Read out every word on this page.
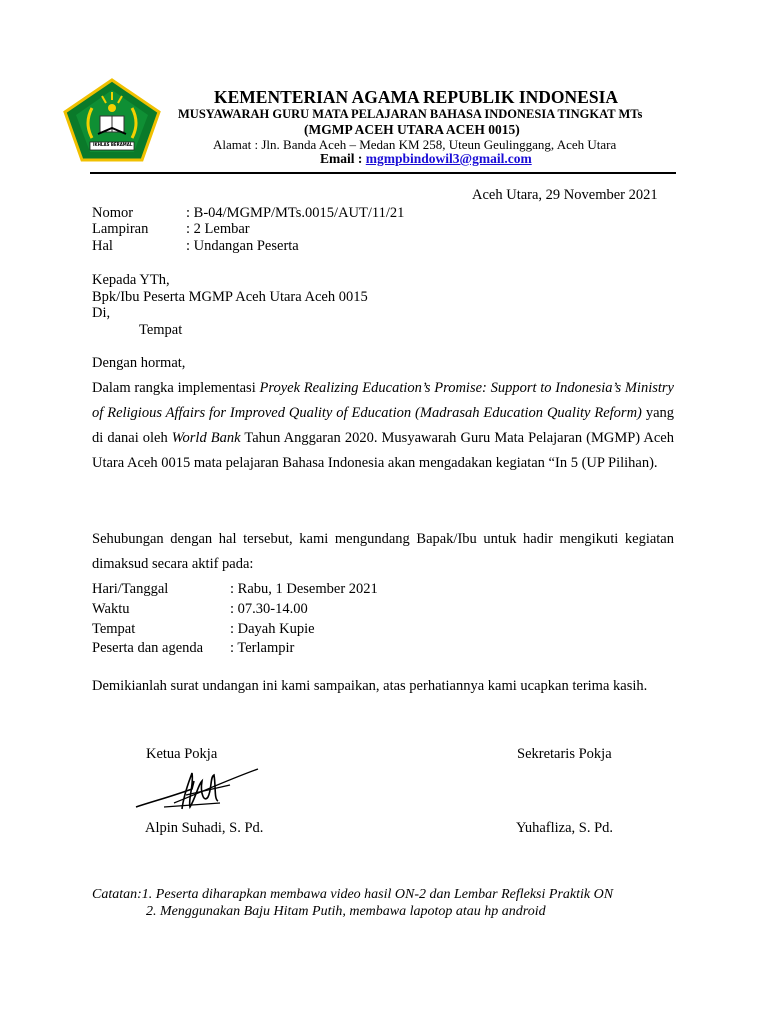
IKHLAS BERAMAL
KEMENTERIAN AGAMA REPUBLIK INDONESIA
MUSYAWARAH GURU MATA PELAJARAN BAHASA INDONESIA TINGKAT MTs
(MGMP ACEH UTARA ACEH 0015)
Alamat : Jln. Banda Aceh – Medan KM 258, Uteun Geulinggang, Aceh Utara
Email : mgmpbindowil3@gmail.com
Aceh Utara, 29 November 2021
Nomor	: B-04/MGMP/MTs.0015/AUT/11/21
Lampiran	: 2 Lembar
Hal	: Undangan Peserta
Kepada YTh,
Bpk/Ibu Peserta MGMP Aceh Utara Aceh 0015
Di,
Tempat
Dengan hormat,
Dalam rangka implementasi Proyek Realizing Education’s Promise: Support to Indonesia’s Ministry of Religious Affairs for Improved Quality of Education (Madrasah Education Quality Reform) yang di danai oleh World Bank Tahun Anggaran 2020. Musyawarah Guru Mata Pelajaran (MGMP) Aceh Utara Aceh 0015 mata pelajaran Bahasa Indonesia akan mengadakan kegiatan “In 5 (UP Pilihan).
Sehubungan dengan hal tersebut, kami mengundang Bapak/Ibu untuk hadir mengikuti kegiatan dimaksud secara aktif pada:
Hari/Tanggal	: Rabu, 1 Desember 2021
Waktu	: 07.30-14.00
Tempat	: Dayah Kupie
Peserta dan agenda : Terlampir
Demikianlah surat undangan ini kami sampaikan, atas perhatiannya kami ucapkan terima kasih.
Ketua Pokja	Sekretaris Pokja
Alpin Suhadi, S. Pd.	Yuhafliza, S. Pd.
Catatan:1. Peserta diharapkan membawa video hasil ON-2 dan Lembar Refleksi Praktik ON
2. Menggunakan Baju Hitam Putih, membawa lapotop atau hp android
